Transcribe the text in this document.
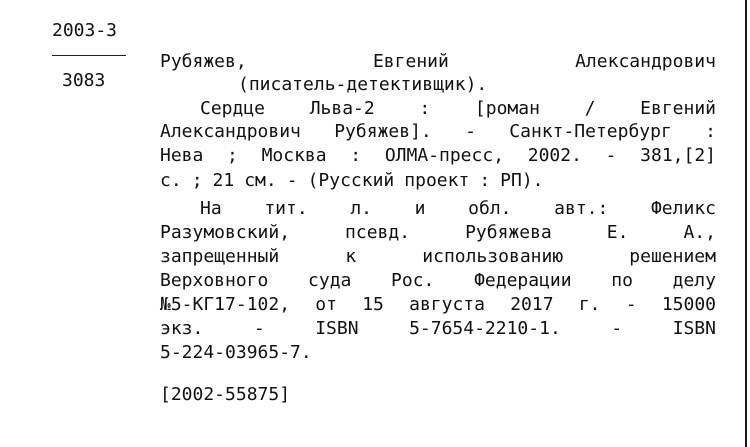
2003-3
3083
Рубяжев,	Евгений	Александрович
(писатель-детективщик).
Сердце Льва-2 : [роман / Евгений
Александрович Рубяжев]. - Санкт-Петербург :
Нева ; Москва : ОЛМА-пресс, 2002. - 381,[2]
с. ; 21 см. - (Русский проект : РП).
На тит. л. и обл. авт.: Феликс
Разумовский,	псевд.	Рубяжева	Е.	А.,
запрещенный	к	использованию	решением
Верховного суда Рос. Федерации по делу
№5-КГ17-102, от 15 августа 2017 г. - 15000
экз.	-	ISBN	5-7654-2210-1.	-	ISBN
5-224-03965-7.
[2002-55875]
